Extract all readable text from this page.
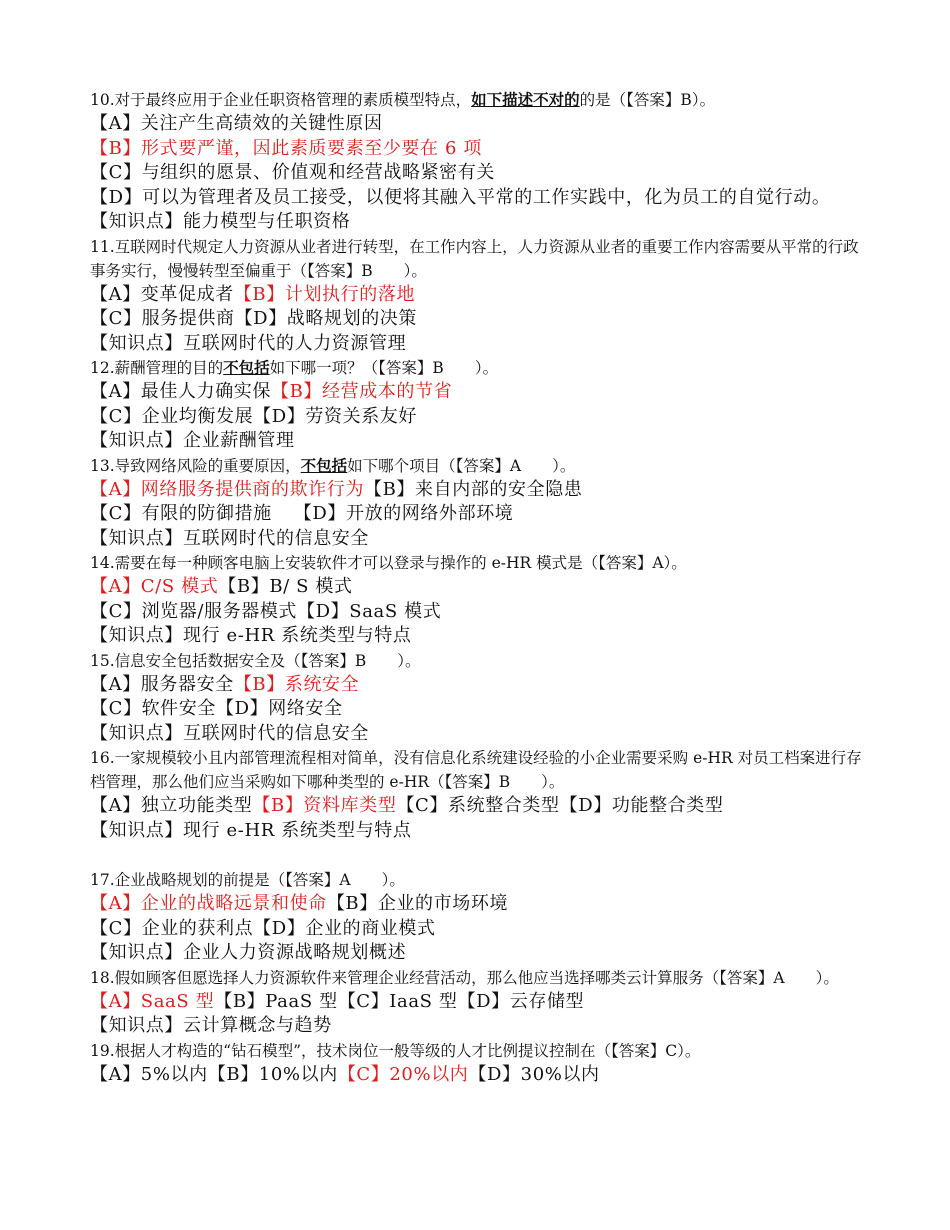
10.对于最终应用于企业任职资格管理的素质模型特点，如下描述不对的的是（【答案】B）。
【A】关注产生高绩效的关键性原因
【B】形式要严谨，因此素质要素至少要在 6 项
【C】与组织的愿景、价值观和经营战略紧密有关
【D】可以为管理者及员工接受，以便将其融入平常的工作实践中，化为员工的自觉行动。
【知识点】能力模型与任职资格
11.互联网时代规定人力资源从业者进行转型，在工作内容上，人力资源从业者的重要工作内容需要从平常的行政事务实行，慢慢转型至偏重于（【答案】B　　）。
【A】变革促成者【B】计划执行的落地
【C】服务提供商【D】战略规划的决策
【知识点】互联网时代的人力资源管理
12.薪酬管理的目的不包括如下哪一项？（【答案】B　　）。
【A】最佳人力确实保【B】经营成本的节省
【C】企业均衡发展【D】劳资关系友好
【知识点】企业薪酬管理
13.导致网络风险的重要原因，不包括如下哪个项目（【答案】A　　）。
【A】网络服务提供商的欺诈行为【B】来自内部的安全隐患
【C】有限的防御措施 【D】开放的网络外部环境
【知识点】互联网时代的信息安全
14.需要在每一种顾客电脑上安装软件才可以登录与操作的 e-HR 模式是（【答案】A）。
【A】C/S 模式【B】B/ S 模式
【C】浏览器/服务器模式【D】SaaS 模式
【知识点】现行 e-HR 系统类型与特点
15.信息安全包括数据安全及（【答案】B　　）。
【A】服务器安全【B】系统安全
【C】软件安全【D】网络安全
【知识点】互联网时代的信息安全
16.一家规模较小且内部管理流程相对简单，没有信息化系统建设经验的小企业需要采购 e-HR 对员工档案进行存档管理，那么他们应当采购如下哪种类型的 e-HR（【答案】B　　）。
【A】独立功能类型【B】资料库类型【C】系统整合类型【D】功能整合类型
【知识点】现行 e-HR 系统类型与特点
17.企业战略规划的前提是（【答案】A　　）。
【A】企业的战略远景和使命【B】企业的市场环境
【C】企业的获利点【D】企业的商业模式
【知识点】企业人力资源战略规划概述
18.假如顾客但愿选择人力资源软件来管理企业经营活动，那么他应当选择哪类云计算服务（【答案】A　　）。
【A】SaaS 型【B】PaaS 型【C】IaaS 型【D】云存储型
【知识点】云计算概念与趋势
19.根据人才构造的“钻石模型”，技术岗位一般等级的人才比例提议控制在（【答案】C）。
【A】5%以内【B】10%以内【C】20%以内【D】30%以内
